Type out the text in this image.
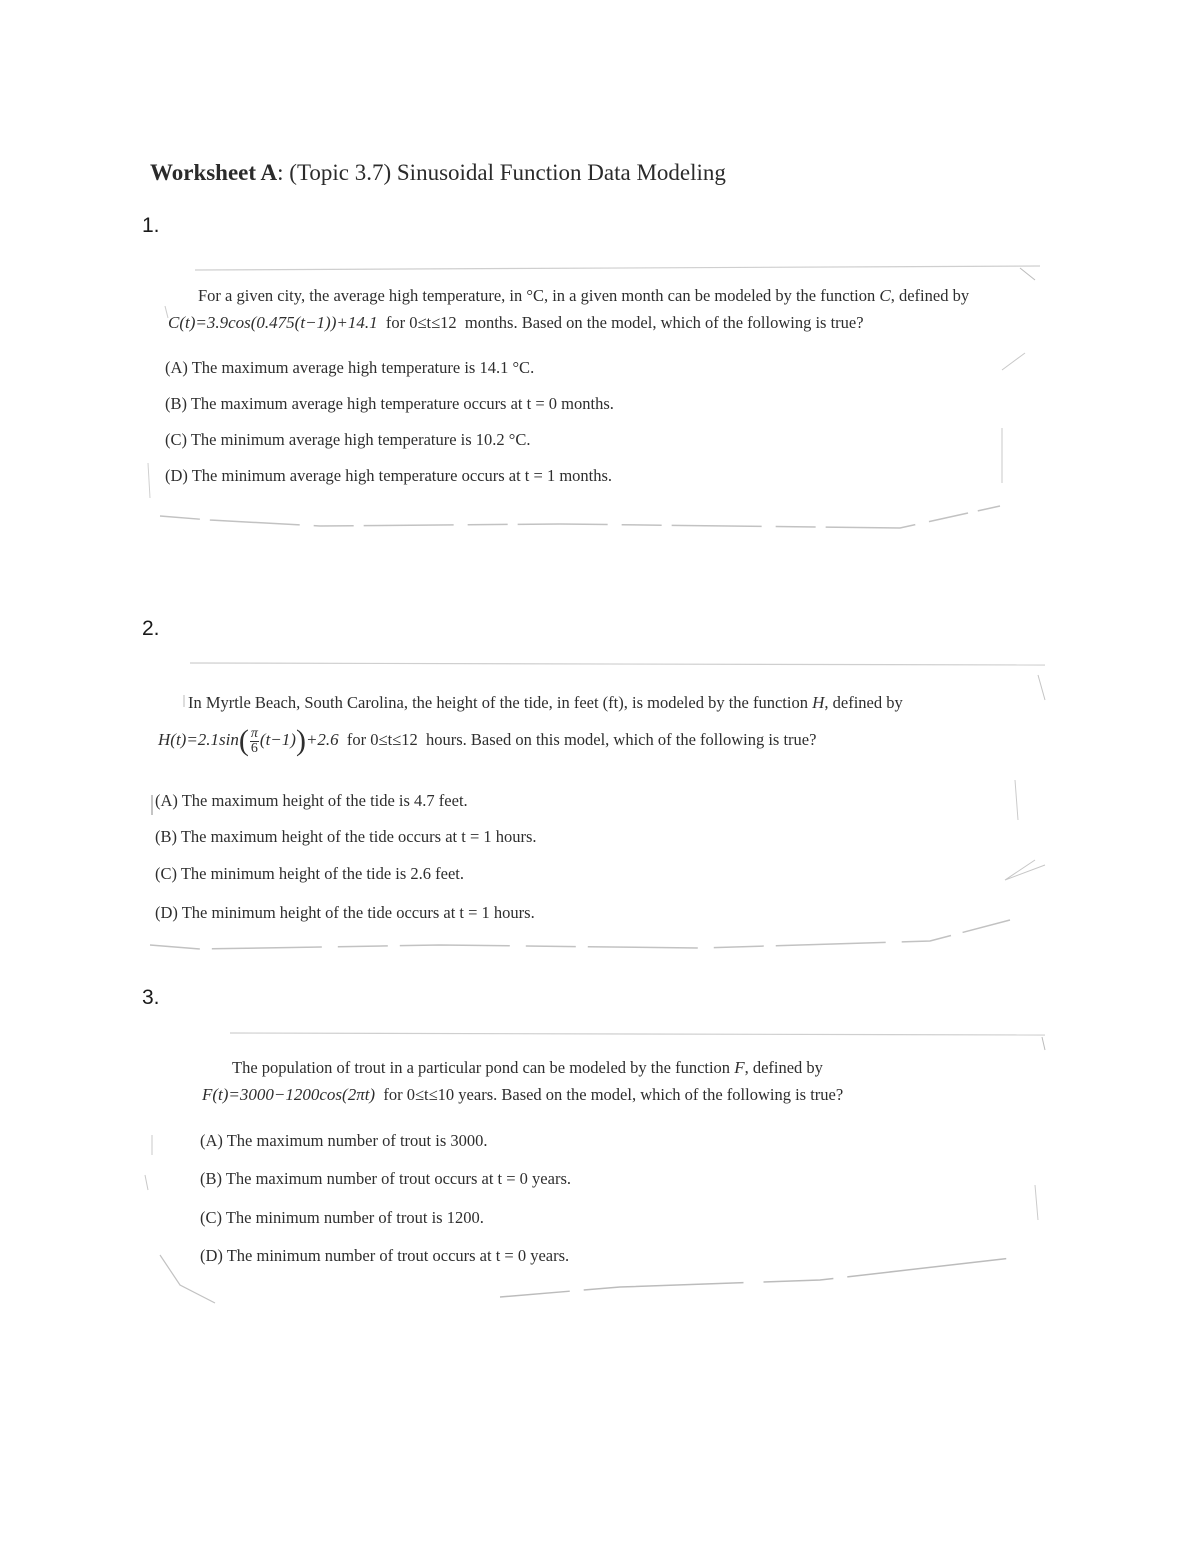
Worksheet A: (Topic 3.7) Sinusoidal Function Data Modeling
1.
For a given city, the average high temperature, in °C, in a given month can be modeled by the function C, defined by
C(t)=3.9cos(0.475(t−1))+14.1 for 0≤t≤12 months. Based on the model, which of the following is true?
(A) The maximum average high temperature is 14.1 °C.
(B) The maximum average high temperature occurs at t = 0 months.
(C) The minimum average high temperature is 10.2 °C.
(D) The minimum average high temperature occurs at t = 1 months.
2.
In Myrtle Beach, South Carolina, the height of the tide, in feet (ft), is modeled by the function H, defined by
$H(t)=2.1\sin( \frac{\pi}{6} (t-1))+2.6$ for 0≤t≤12 hours. Based on this model, which of the following is true?
(A) The maximum height of the tide is 4.7 feet.
(B) The maximum height of the tide occurs at t = 1 hours.
(C) The minimum height of the tide is 2.6 feet.
(D) The minimum height of the tide occurs at t = 1 hours.
3.
The population of trout in a particular pond can be modeled by the function F, defined by
F(t)=3000−1200cos(2πt) for 0≤t≤10 years. Based on the model, which of the following is true?
(A) The maximum number of trout is 3000.
(B) The maximum number of trout occurs at t = 0 years.
(C) The minimum number of trout is 1200.
(D) The minimum number of trout occurs at t = 0 years.
